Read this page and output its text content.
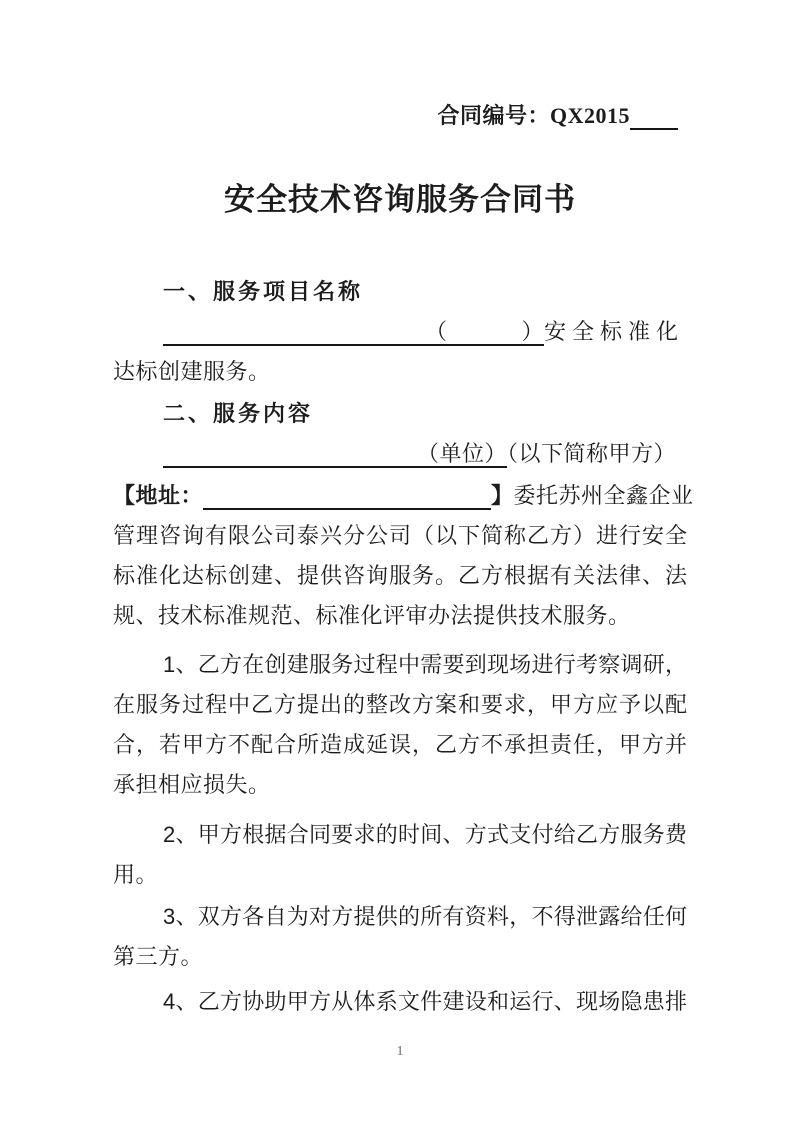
合同编号：QX2015
安全技术咨询服务合同书
一、服务项目名称
（	）安全标准化
达标创建服务。
二、服务内容
（单位）（以下简称甲方）
【地址：	】委托苏州全鑫企业
管理咨询有限公司泰兴分公司（以下简称乙方）进行安全
标准化达标创建、提供咨询服务。乙方根据有关法律、法
规、技术标准规范、标准化评审办法提供技术服务。
1、乙方在创建服务过程中需要到现场进行考察调研，
在服务过程中乙方提出的整改方案和要求，甲方应予以配
合，若甲方不配合所造成延误，乙方不承担责任，甲方并
承担相应损失。
2、甲方根据合同要求的时间、方式支付给乙方服务费
用。
3、双方各自为对方提供的所有资料，不得泄露给任何
第三方。
4、乙方协助甲方从体系文件建设和运行、现场隐患排
1
